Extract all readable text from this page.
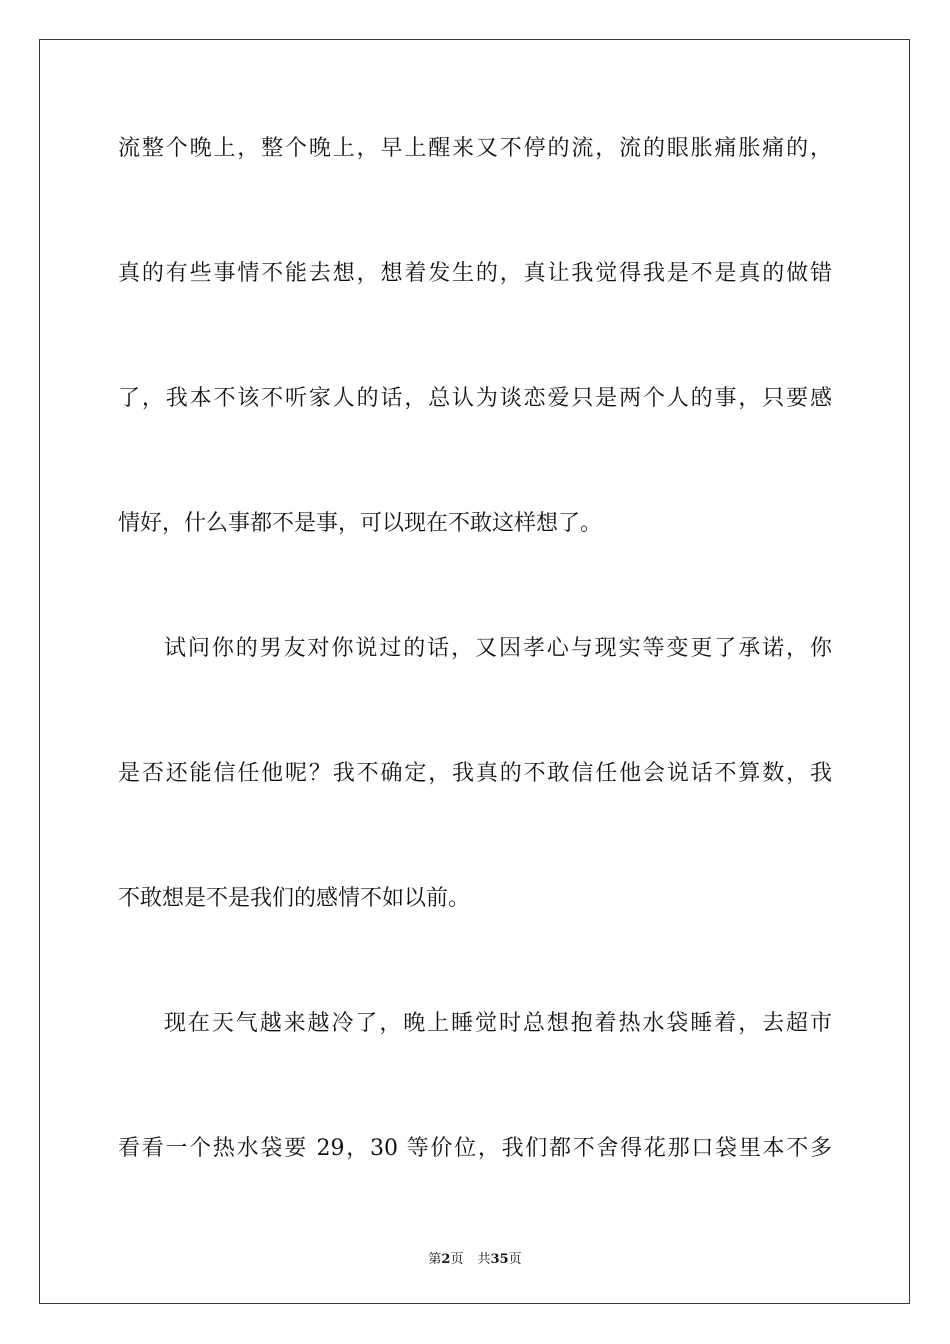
流整个晚上，整个晚上，早上醒来又不停的流，流的眼胀痛胀痛的，
真的有些事情不能去想，想着发生的，真让我觉得我是不是真的做错
了，我本不该不听家人的话，总认为谈恋爱只是两个人的事，只要感
情好，什么事都不是事，可以现在不敢这样想了。
试问你的男友对你说过的话，又因孝心与现实等变更了承诺，你
是否还能信任他呢？我不确定，我真的不敢信任他会说话不算数，我
不敢想是不是我们的感情不如以前。
现在天气越来越冷了，晚上睡觉时总想抱着热水袋睡着，去超市
看看一个热水袋要 29，30 等价位，我们都不舍得花那口袋里本不多
第2页 共35页
